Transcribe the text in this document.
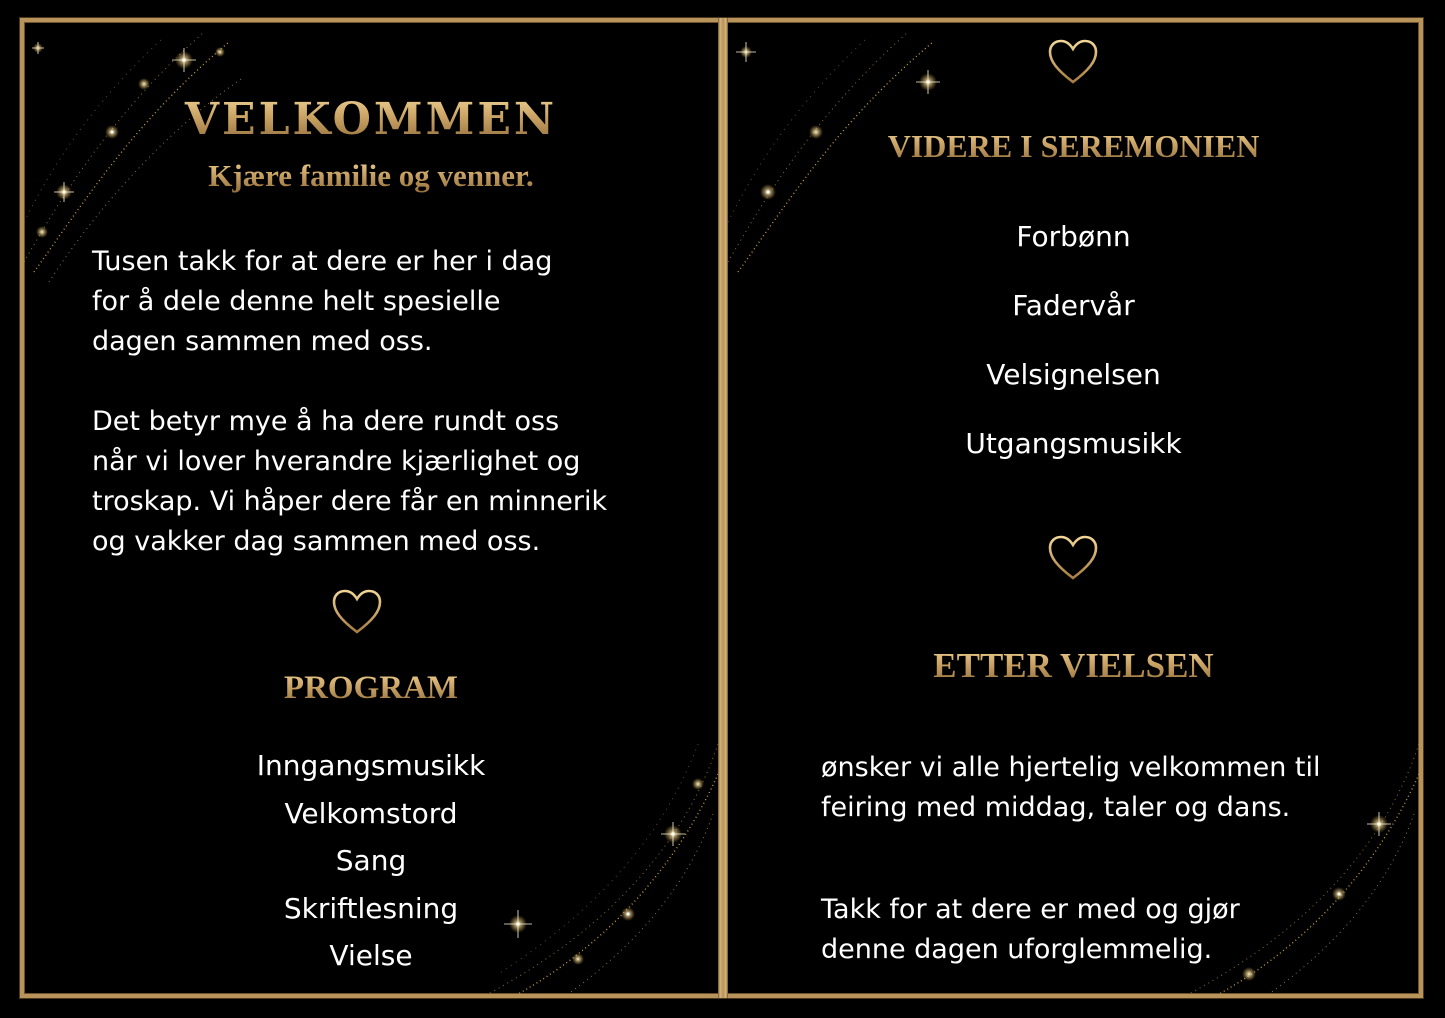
VELKOMMEN
Kjære familie og venner.
Tusen takk for at dere er her i dag
for å dele denne helt spesielle
dagen sammen med oss.
Det betyr mye å ha dere rundt oss
når vi lover hverandre kjærlighet og
troskap. Vi håper dere får en minnerik
og vakker dag sammen med oss.
PROGRAM
Inngangsmusikk
Velkomstord
Sang
Skriftlesning
Vielse
VIDERE I SEREMONIEN
Forbønn
Fadervår
Velsignelsen
Utgangsmusikk
ETTER VIELSEN
ønsker vi alle hjertelig velkommen til
feiring med middag, taler og dans.
Takk for at dere er med og gjør
denne dagen uforglemmelig.
